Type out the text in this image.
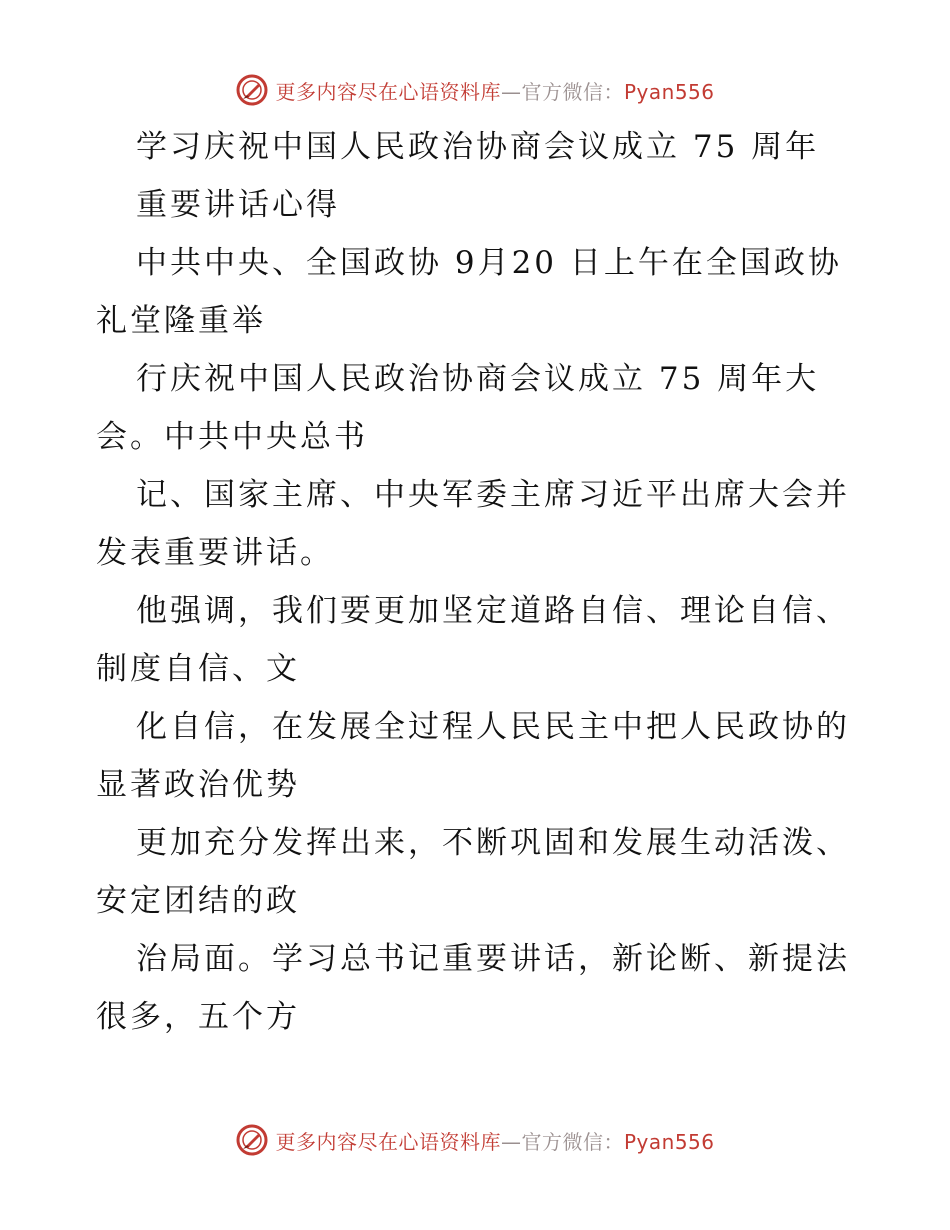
更多内容尽在心语资料库—官方微信：Pyan556
学习庆祝中国人民政治协商会议成立 75 周年
重要讲话心得
中共中央、全国政协 9月20 日上午在全国政协
礼堂隆重举
行庆祝中国人民政治协商会议成立 75 周年大
会。中共中央总书
记、国家主席、中央军委主席习近平出席大会并
发表重要讲话。
他强调，我们要更加坚定道路自信、理论自信、
制度自信、文
化自信，在发展全过程人民民主中把人民政协的
显著政治优势
更加充分发挥出来，不断巩固和发展生动活泼、
安定团结的政
治局面。学习总书记重要讲话，新论断、新提法
很多，五个方
更多内容尽在心语资料库—官方微信：Pyan556
